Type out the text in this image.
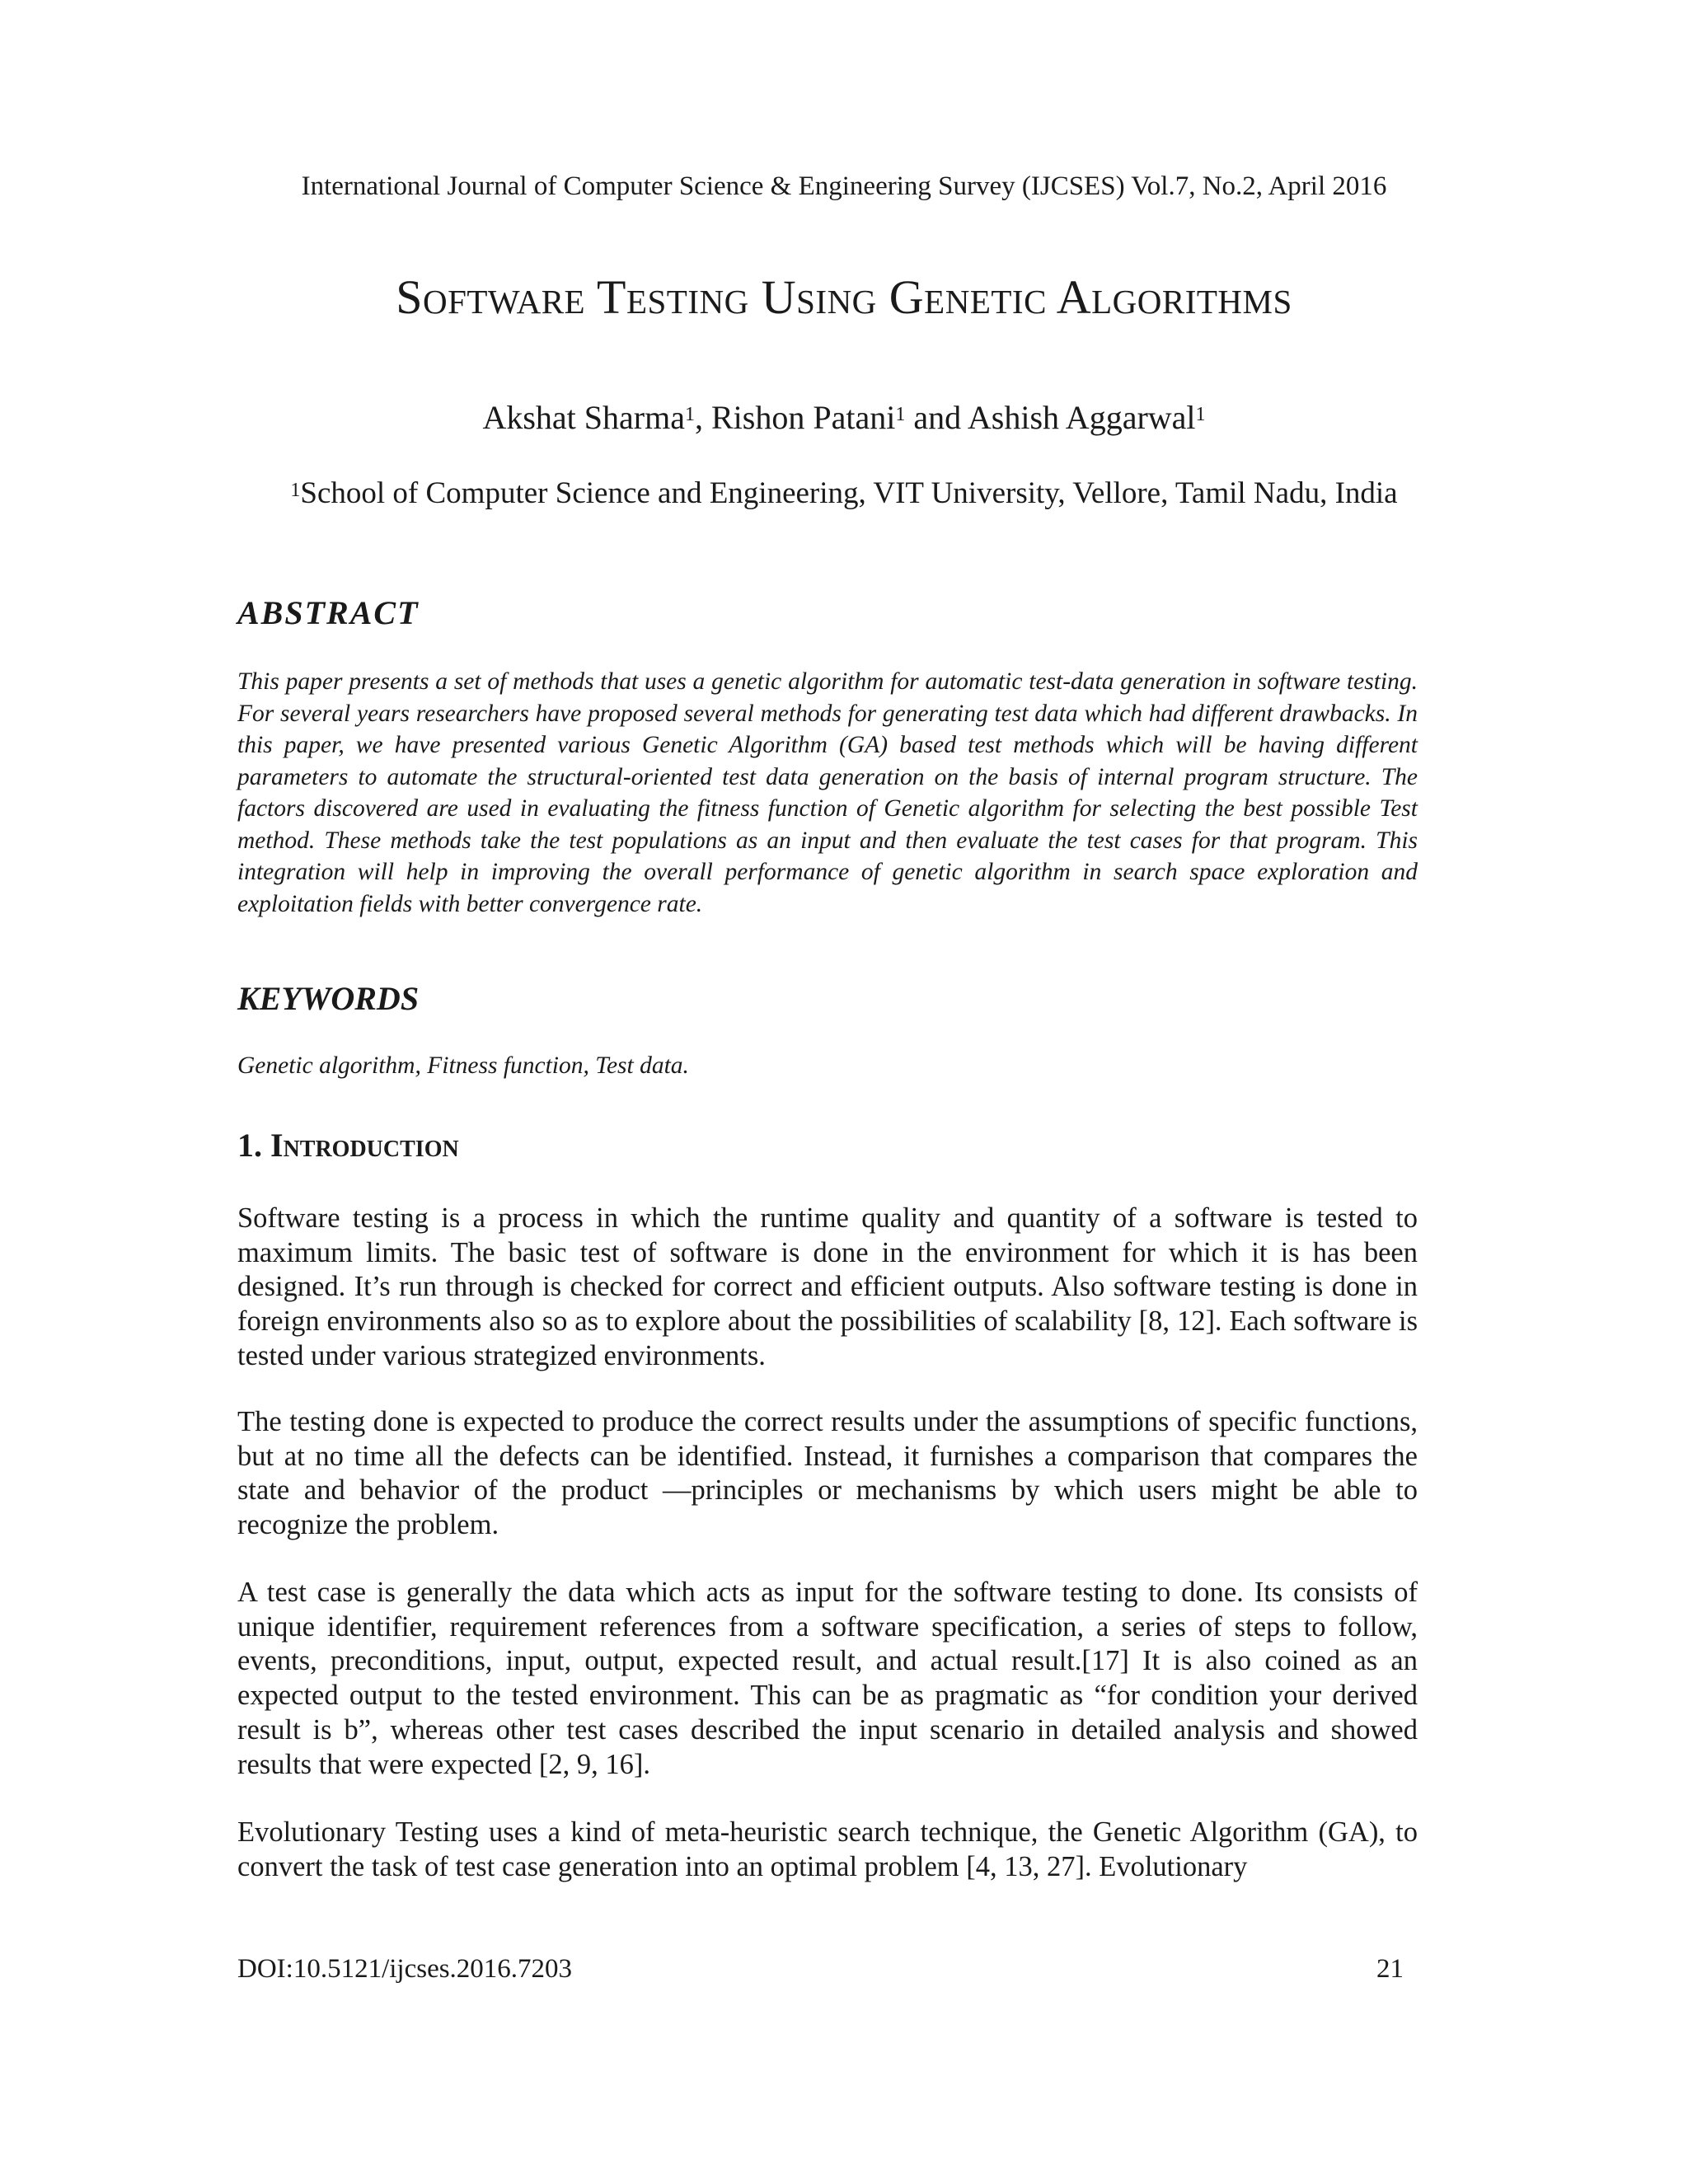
International Journal of Computer Science & Engineering Survey (IJCSES) Vol.7, No.2, April 2016
Software Testing Using Genetic Algorithms
Akshat Sharma$^1$, Rishon Patani$^1$ and Ashish Aggarwal$^1$
$^1$School of Computer Science and Engineering, VIT University, Vellore, Tamil Nadu, India
ABSTRACT
This paper presents a set of methods that uses a genetic algorithm for automatic test-data generation in software testing. For several years researchers have proposed several methods for generating test data which had different drawbacks. In this paper, we have presented various Genetic Algorithm (GA) based test methods which will be having different parameters to automate the structural-oriented test data generation on the basis of internal program structure. The factors discovered are used in evaluating the fitness function of Genetic algorithm for selecting the best possible Test method. These methods take the test populations as an input and then evaluate the test cases for that program. This integration will help in improving the overall performance of genetic algorithm in search space exploration and exploitation fields with better convergence rate.
KEYWORDS
Genetic algorithm, Fitness function, Test data.
1. Introduction
Software testing is a process in which the runtime quality and quantity of a software is tested to maximum limits. The basic test of software is done in the environment for which it is has been designed. It’s run through is checked for correct and efficient outputs. Also software testing is done in foreign environments also so as to explore about the possibilities of scalability [8, 12]. Each software is tested under various strategized environments.
The testing done is expected to produce the correct results under the assumptions of specific functions, but at no time all the defects can be identified. Instead, it furnishes a comparison that compares the state and behavior of the product —principles or mechanisms by which users might be able to recognize the problem.
A test case is generally the data which acts as input for the software testing to done. Its consists of unique identifier, requirement references from a software specification, a series of steps to follow, events, preconditions, input, output, expected result, and actual result.[17] It is also coined as an expected output to the tested environment. This can be as pragmatic as “for condition your derived result is b”, whereas other test cases described the input scenario in detailed analysis and showed results that were expected [2, 9, 16].
Evolutionary Testing uses a kind of meta-heuristic search technique, the Genetic Algorithm (GA), to convert the task of test case generation into an optimal problem [4, 13, 27]. Evolutionary
DOI:10.5121/ijcses.2016.7203	21
